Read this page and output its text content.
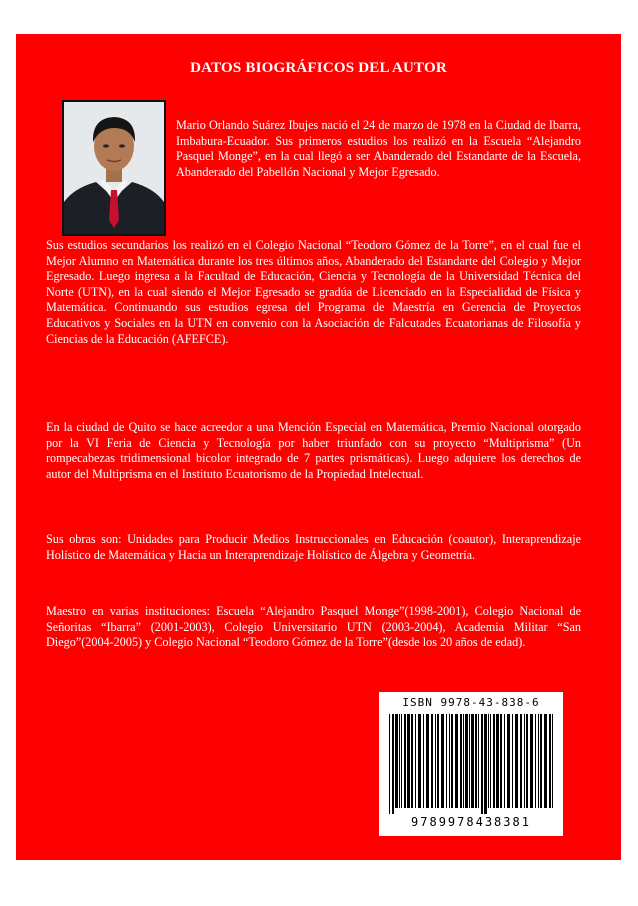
DATOS BIOGRÁFICOS DEL AUTOR

Mario Orlando Suárez Ibujes nació el 24 de marzo de 1978 en la Ciudad de Ibarra, Imbabura-Ecuador. Sus primeros estudios los realizó en la Escuela “Alejandro Pasquel Monge”, en la cual llegó a ser Abanderado del Estandarte de la Escuela, Abanderado del Pabellón Nacional y Mejor Egresado.

Sus estudios secundarios los realizó en el Colegio Nacional “Teodoro Gómez de la Torre”, en el cual fue el Mejor Alumno en Matemática durante los tres últimos años, Abanderado del Estandarte del Colegio y Mejor Egresado. Luego ingresa a la Facultad de Educación, Ciencia y Tecnología de la Universidad Técnica del Norte (UTN), en la cual siendo el Mejor Egresado se gradúa de Licenciado en la Especialidad de Física y Matemática. Continuando sus estudios egresa del Programa de Maestría en Gerencia de Proyectos Educativos y Sociales en la UTN en convenio con la Asociación de Falcutades Ecuatorianas de Filosofía y Ciencias de la Educación (AFEFCE).

En la ciudad de Quito se hace acreedor a una Mención Especial en Matemática, Premio Nacional otorgado por la VI Feria de Ciencia y Tecnología por haber triunfado con su proyecto “Multiprisma” (Un rompecabezas tridimensional bicolor integrado de 7 partes prismáticas). Luego adquiere los derechos de autor del Multiprisma en el Instituto Ecuatorismo de la Propiedad Intelectual.

Sus obras son: Unidades para Producir Medios Instruccionales en Educación (coautor), Interaprendizaje Holístico de Matemática y Hacia un Interaprendizaje Holístico de Álgebra y Geometría.

Maestro en varias instituciones: Escuela “Alejandro Pasquel Monge”(1998-2001), Colegio Nacional de Señoritas “Ibarra” (2001-2003), Colegio Universitario UTN (2003-2004), Academia Militar “San Diego”(2004-2005) y Colegio Nacional “Teodoro Gómez de la Torre”(desde los 20 años de edad).

ISBN 9978-43-838-6
9789978438381
